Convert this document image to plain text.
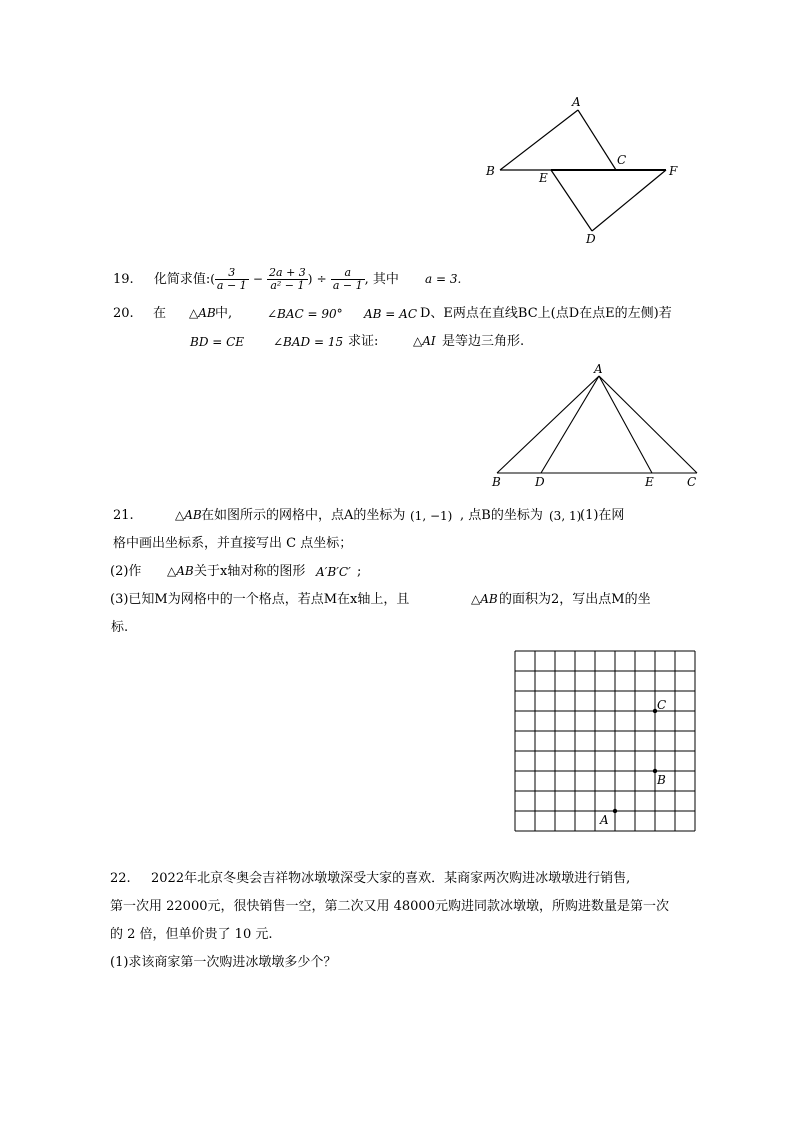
A
B
C
E	F
D
19. 化简求值:( $\frac{3}{a - 1} - \frac{2a + 3}{\text{a² − 1}}$ ) ÷ $\frac{a}{a - 1}$ , 其中 a = 3.
20. 在 △AB 中,	∠BAC = 90° AB = AC D、E两点在直线BC上(点D在点E的左侧)若
BD = CE ∠BAD = 15 求证:	△AI 是等边三角形.
A
B	D	E	C
21.	△AB 在如图所示的网格中，点A的坐标为 (1, −1) , 点B的坐标为 (3, 1)
(1)在网
格中画出坐标系，并直接写出 C 点坐标；
(2)作 △AB 关于x轴对称的图形 A′B′C′ ;
(3)已知M为网格中的一个格点，若点M在x轴上，且	△AB 的面积为2，写出点M的坐
标.
C
B
A
22. 2022年北京冬奥会吉祥物冰墩墩深受大家的喜欢．某商家两次购进冰墩墩进行销售,
第一次用 22000元，很快销售一空，第二次又用 48000元购进同款冰墩墩，所购进数量是第一次
的 2 倍，但单价贵了 10 元.
(1)求该商家第一次购进冰墩墩多少个？
